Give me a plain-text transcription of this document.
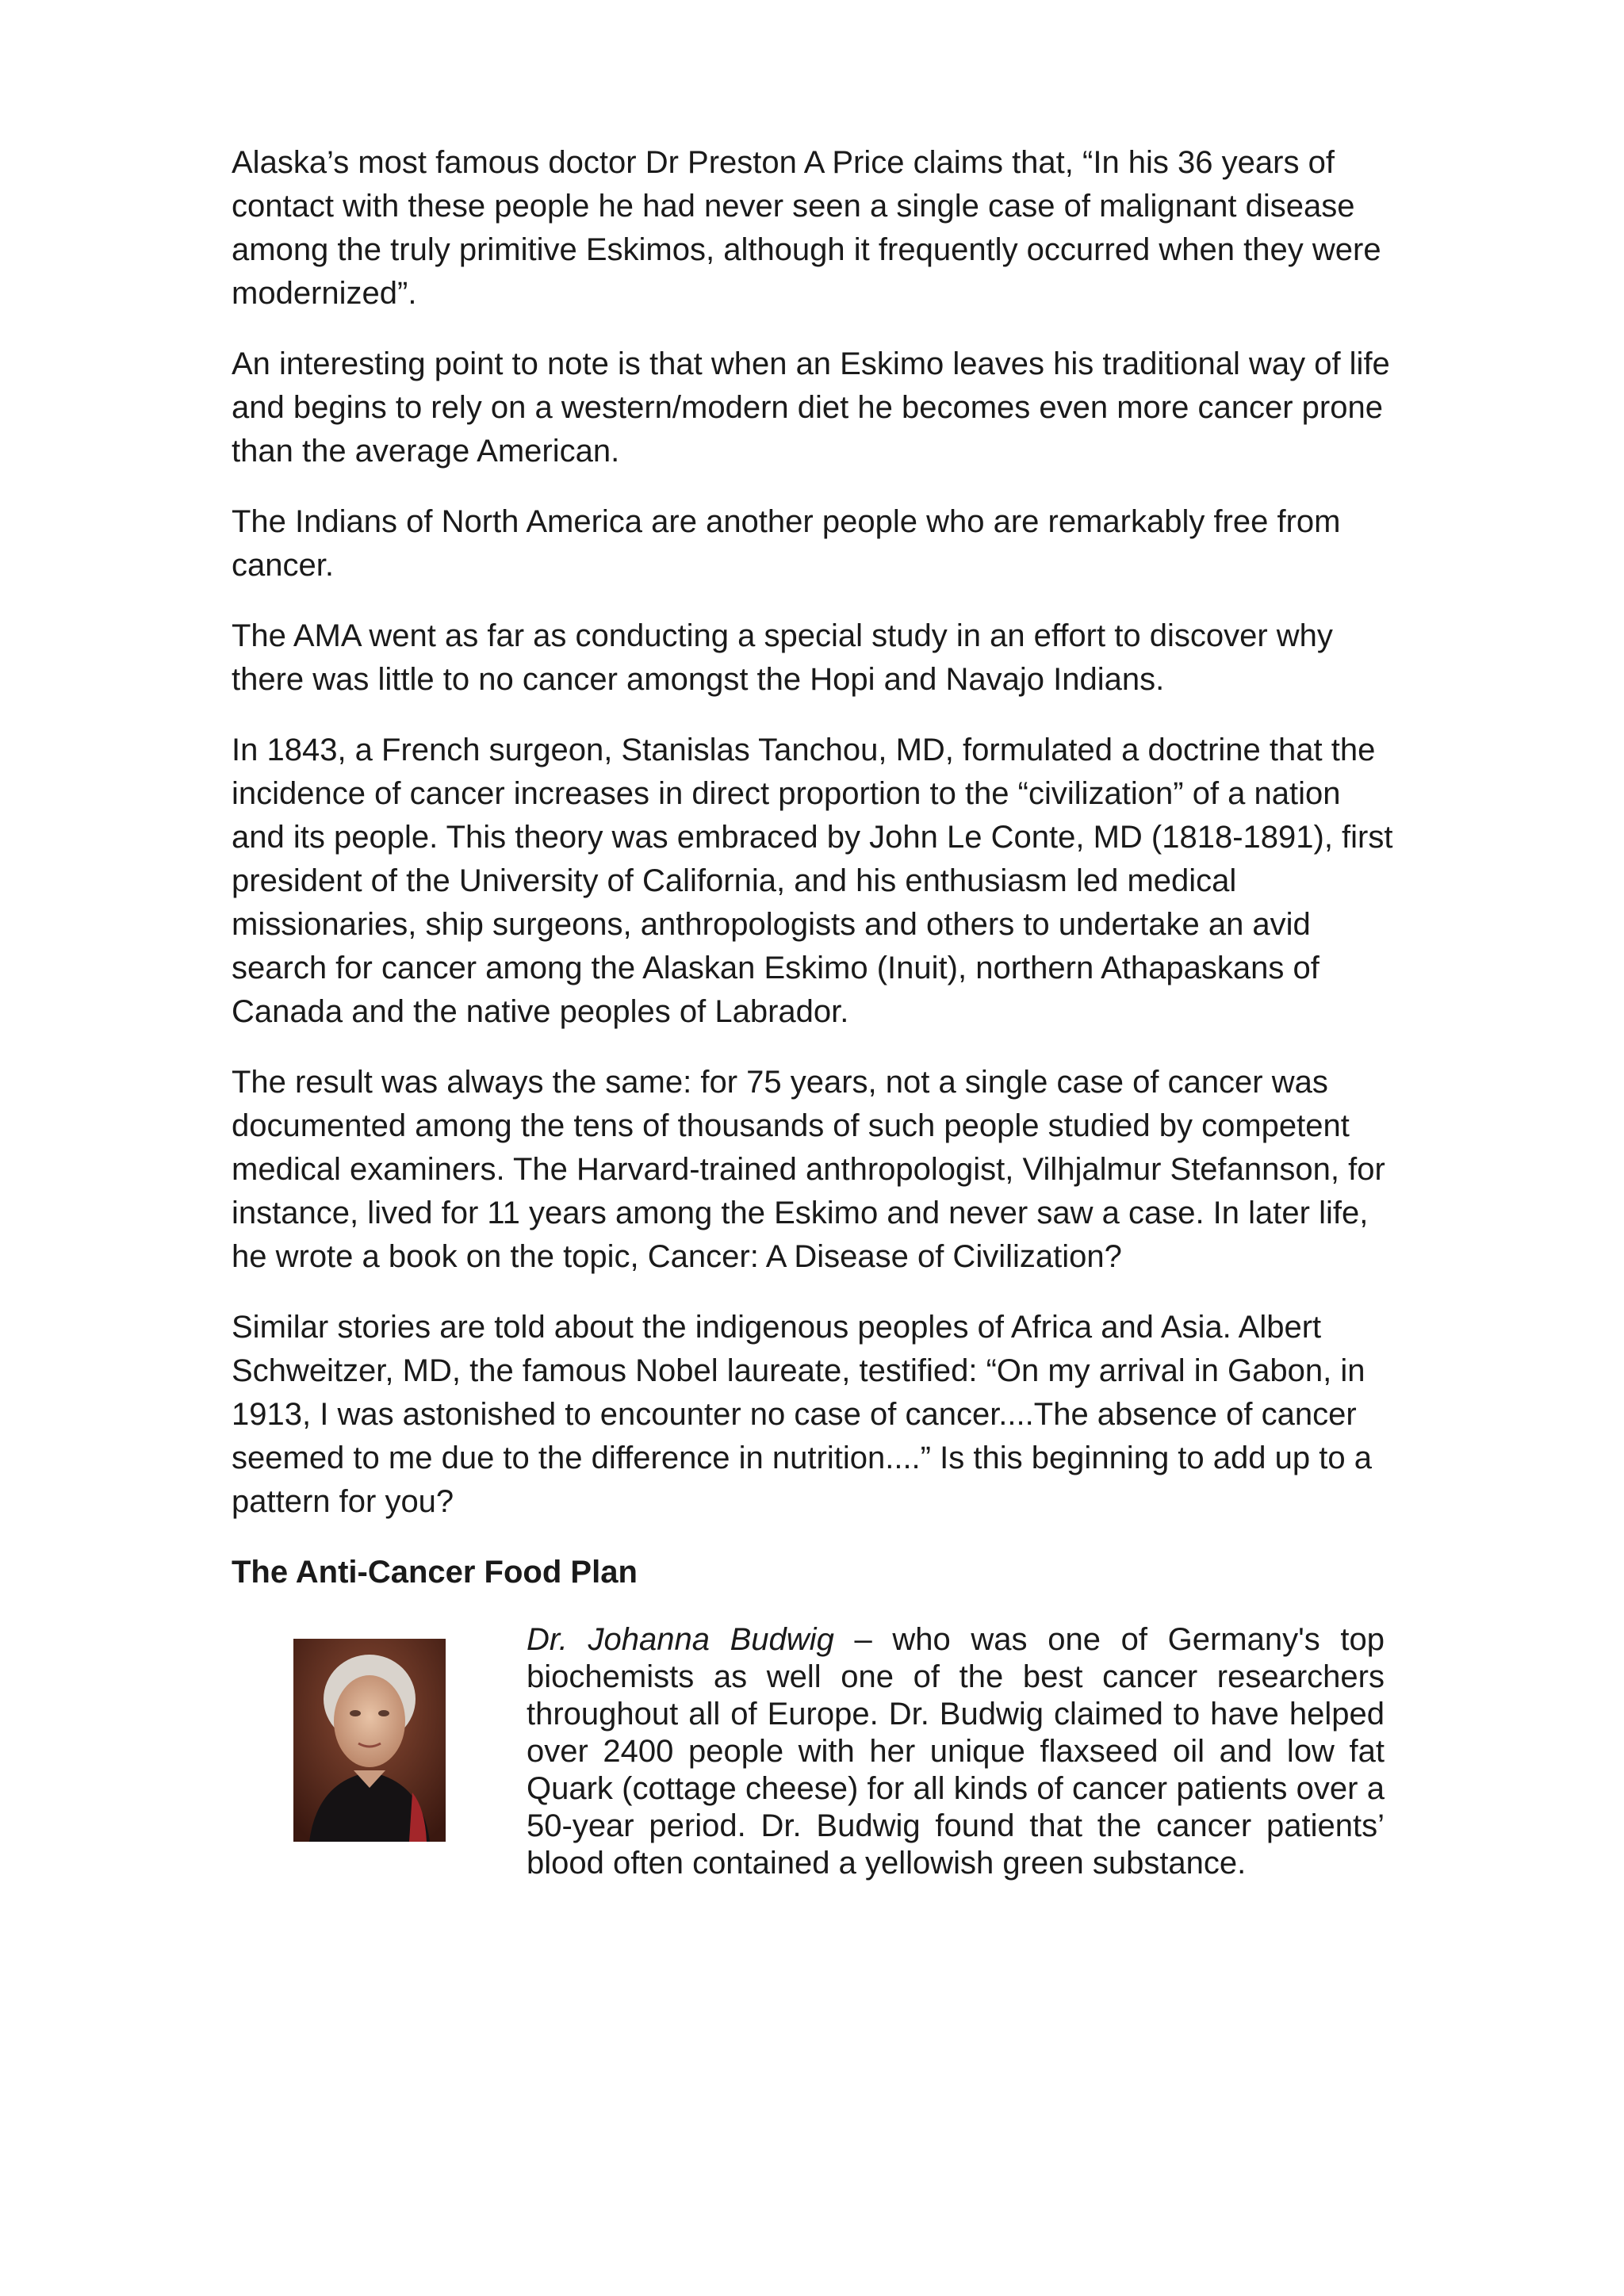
Alaska’s most famous doctor Dr Preston A Price claims that, “In his 36 years of contact with these people he had never seen a single case of malignant disease among the truly primitive Eskimos, although it frequently occurred when they were modernized”.

An interesting point to note is that when an Eskimo leaves his traditional way of life and begins to rely on a western/modern diet he becomes even more cancer prone than the average American.

The Indians of North America are another people who are remarkably free from cancer.

The AMA went as far as conducting a special study in an effort to discover why there was little to no cancer amongst the Hopi and Navajo Indians.

In 1843, a French surgeon, Stanislas Tanchou, MD, formulated a doctrine that the incidence of cancer increases in direct proportion to the “civilization” of a nation and its people. This theory was embraced by John Le Conte, MD (1818-1891), first president of the University of California, and his enthusiasm led medical missionaries, ship surgeons, anthropologists and others to undertake an avid search for cancer among the Alaskan Eskimo (Inuit), northern Athapaskans of Canada and the native peoples of Labrador.

The result was always the same: for 75 years, not a single case of cancer was documented among the tens of thousands of such people studied by competent medical examiners. The Harvard-trained anthropologist, Vilhjalmur Stefannson, for instance, lived for 11 years among the Eskimo and never saw a case. In later life, he wrote a book on the topic, Cancer: A Disease of Civilization?

Similar stories are told about the indigenous peoples of Africa and Asia. Albert Schweitzer, MD, the famous Nobel laureate, testified: “On my arrival in Gabon, in 1913, I was astonished to encounter no case of cancer....The absence of cancer seemed to me due to the difference in nutrition....” Is this beginning to add up to a pattern for you?

The Anti-Cancer Food Plan

Dr. Johanna Budwig – who was one of Germany's top biochemists as well one of the best cancer researchers throughout all of Europe. Dr. Budwig claimed to have helped over 2400 people with her unique flaxseed oil and low fat Quark (cottage cheese) for all kinds of cancer patients over a 50-year period. Dr. Budwig found that the cancer patients’ blood often contained a yellowish green substance.
